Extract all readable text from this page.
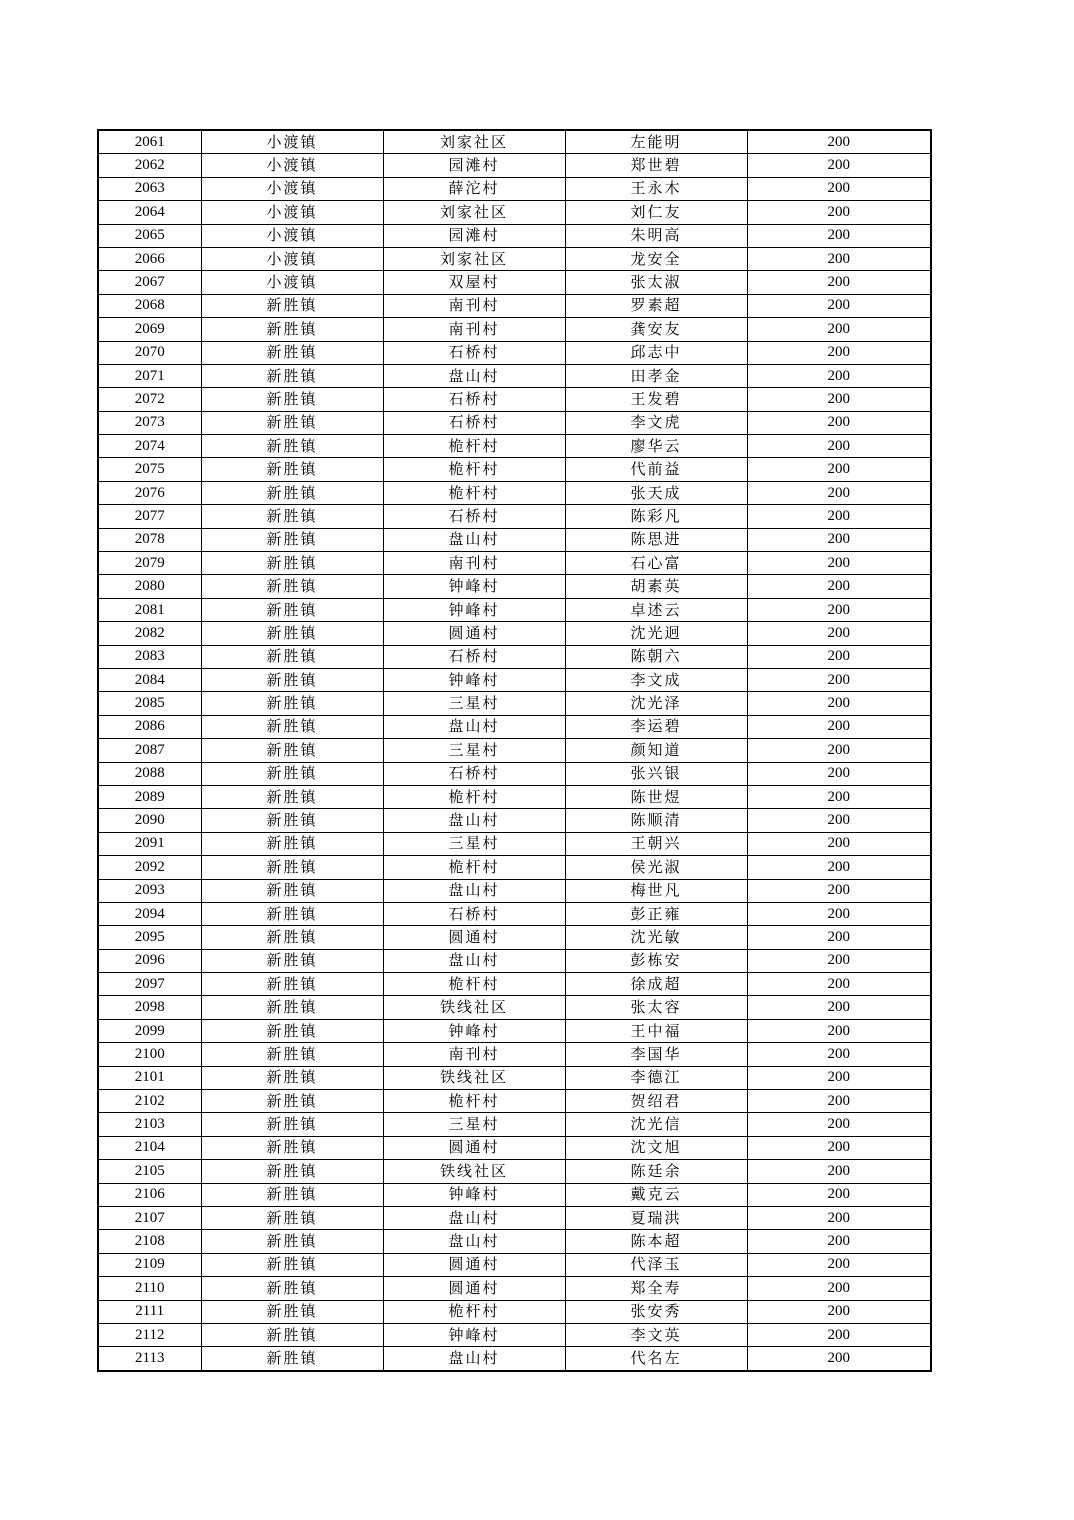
2061	小渡镇	刘家社区	左能明	200
2062	小渡镇	园滩村	郑世碧	200
2063	小渡镇	薛沱村	王永木	200
2064	小渡镇	刘家社区	刘仁友	200
2065	小渡镇	园滩村	朱明高	200
2066	小渡镇	刘家社区	龙安全	200
2067	小渡镇	双屋村	张太淑	200
2068	新胜镇	南刊村	罗素超	200
2069	新胜镇	南刊村	龚安友	200
2070	新胜镇	石桥村	邱志中	200
2071	新胜镇	盘山村	田孝金	200
2072	新胜镇	石桥村	王发碧	200
2073	新胜镇	石桥村	李文虎	200
2074	新胜镇	桅杆村	廖华云	200
2075	新胜镇	桅杆村	代前益	200
2076	新胜镇	桅杆村	张天成	200
2077	新胜镇	石桥村	陈彩凡	200
2078	新胜镇	盘山村	陈思进	200
2079	新胜镇	南刊村	石心富	200
2080	新胜镇	钟峰村	胡素英	200
2081	新胜镇	钟峰村	卓述云	200
2082	新胜镇	圆通村	沈光迥	200
2083	新胜镇	石桥村	陈朝六	200
2084	新胜镇	钟峰村	李文成	200
2085	新胜镇	三星村	沈光泽	200
2086	新胜镇	盘山村	李运碧	200
2087	新胜镇	三星村	颜知道	200
2088	新胜镇	石桥村	张兴银	200
2089	新胜镇	桅杆村	陈世煜	200
2090	新胜镇	盘山村	陈顺清	200
2091	新胜镇	三星村	王朝兴	200
2092	新胜镇	桅杆村	侯光淑	200
2093	新胜镇	盘山村	梅世凡	200
2094	新胜镇	石桥村	彭正雍	200
2095	新胜镇	圆通村	沈光敏	200
2096	新胜镇	盘山村	彭栋安	200
2097	新胜镇	桅杆村	徐成超	200
2098	新胜镇	铁线社区	张太容	200
2099	新胜镇	钟峰村	王中福	200
2100	新胜镇	南刊村	李国华	200
2101	新胜镇	铁线社区	李德江	200
2102	新胜镇	桅杆村	贺绍君	200
2103	新胜镇	三星村	沈光信	200
2104	新胜镇	圆通村	沈文旭	200
2105	新胜镇	铁线社区	陈廷余	200
2106	新胜镇	钟峰村	戴克云	200
2107	新胜镇	盘山村	夏瑞洪	200
2108	新胜镇	盘山村	陈本超	200
2109	新胜镇	圆通村	代泽玉	200
2110	新胜镇	圆通村	郑全寿	200
2111	新胜镇	桅杆村	张安秀	200
2112	新胜镇	钟峰村	李文英	200
2113	新胜镇	盘山村	代名左	200
